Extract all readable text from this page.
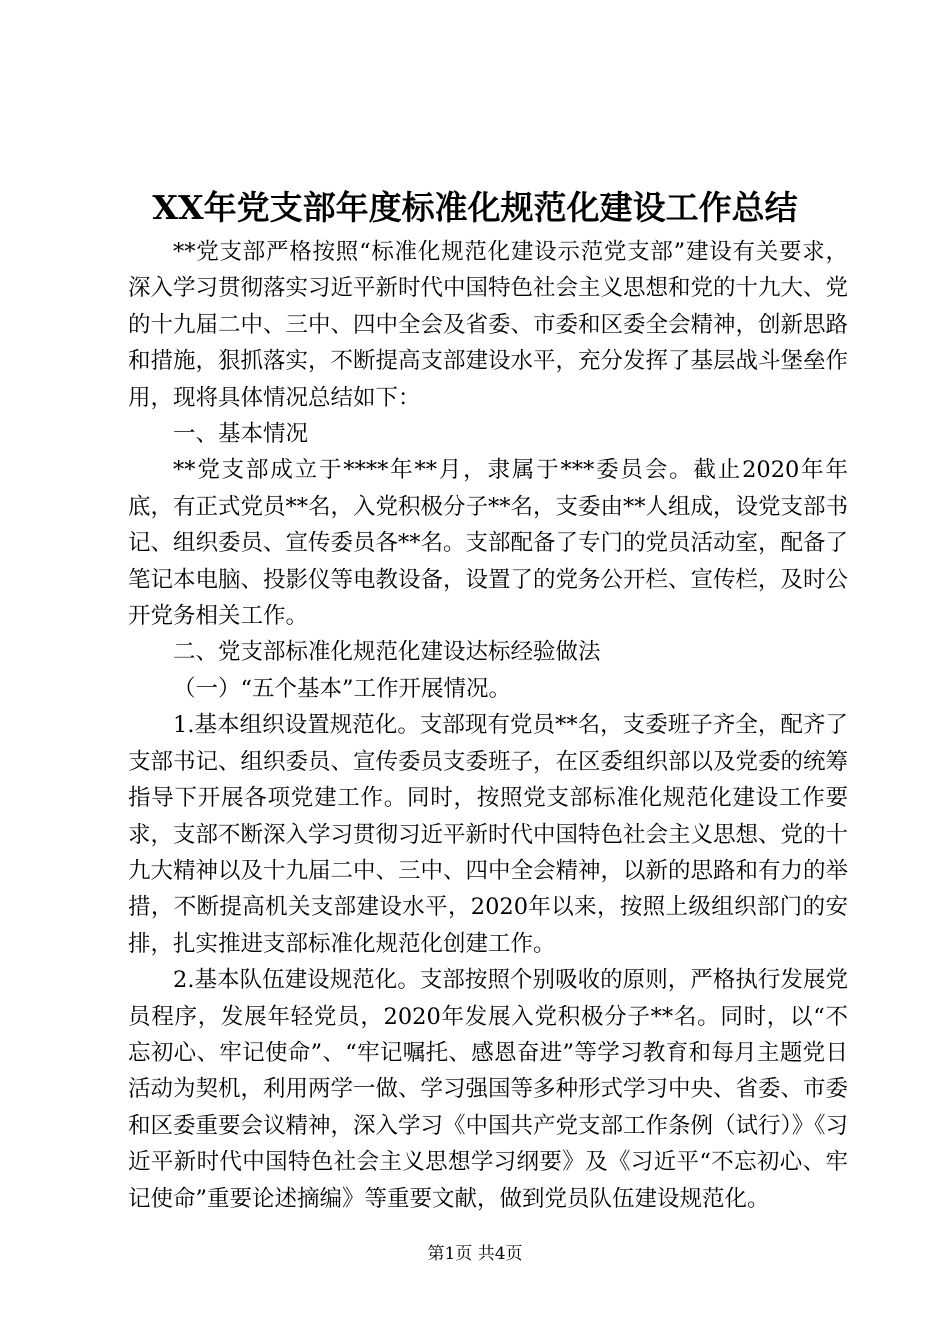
XX年党支部年度标准化规范化建设工作总结

**党支部严格按照“标准化规范化建设示范党支部”建设有关要求，深入学习贯彻落实习近平新时代中国特色社会主义思想和党的十九大、党的十九届二中、三中、四中全会及省委、市委和区委全会精神，创新思路和措施，狠抓落实，不断提高支部建设水平，充分发挥了基层战斗堡垒作用，现将具体情况总结如下：

一、基本情况

**党支部成立于****年**月，隶属于***委员会。截止2020年年底，有正式党员**名，入党积极分子**名，支委由**人组成，设党支部书记、组织委员、宣传委员各**名。支部配备了专门的党员活动室，配备了笔记本电脑、投影仪等电教设备，设置了的党务公开栏、宣传栏，及时公开党务相关工作。

二、党支部标准化规范化建设达标经验做法

（一）“五个基本”工作开展情况。

1.基本组织设置规范化。支部现有党员**名，支委班子齐全，配齐了支部书记、组织委员、宣传委员支委班子，在区委组织部以及党委的统筹指导下开展各项党建工作。同时，按照党支部标准化规范化建设工作要求，支部不断深入学习贯彻习近平新时代中国特色社会主义思想、党的十九大精神以及十九届二中、三中、四中全会精神，以新的思路和有力的举措，不断提高机关支部建设水平，2020年以来，按照上级组织部门的安排，扎实推进支部标准化规范化创建工作。

2.基本队伍建设规范化。支部按照个别吸收的原则，严格执行发展党员程序，发展年轻党员，2020年发展入党积极分子**名。同时，以“不忘初心、牢记使命”、“牢记嘱托、感恩奋进”等学习教育和每月主题党日活动为契机，利用两学一做、学习强国等多种形式学习中央、省委、市委和区委重要会议精神，深入学习《中国共产党支部工作条例（试行）》《习近平新时代中国特色社会主义思想学习纲要》及《习近平“不忘初心、牢记使命”重要论述摘编》等重要文献，做到党员队伍建设规范化。

第1页 共4页
